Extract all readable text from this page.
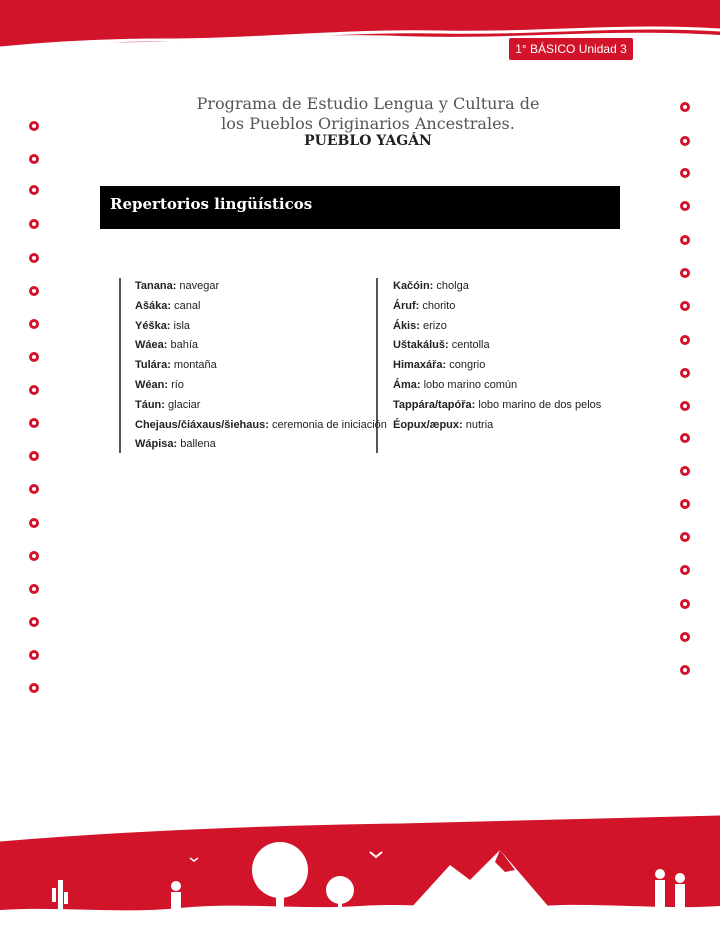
1° BÁSICO Unidad 3
Programa de Estudio Lengua y Cultura de
los Pueblos Originarios Ancestrales.
PUEBLO YAGÁN
Repertorios lingüísticos
Tanana: navegar
Ašáka: canal
Yéška: isla
Wáea: bahía
Tulára: montaña
Wéan: río
Táun: glaciar
Chejaus/čiáxaus/šiehaus: ceremonia de iniciación
Wápisa: ballena
Kačóin: cholga
Áruf: chorito
Ákis: erizo
Uštakáluš: centolla
Himaxářa: congrio
Áma: lobo marino común
Tappára/tapóřa: lobo marino de dos pelos
Éopux/æpux: nutria
